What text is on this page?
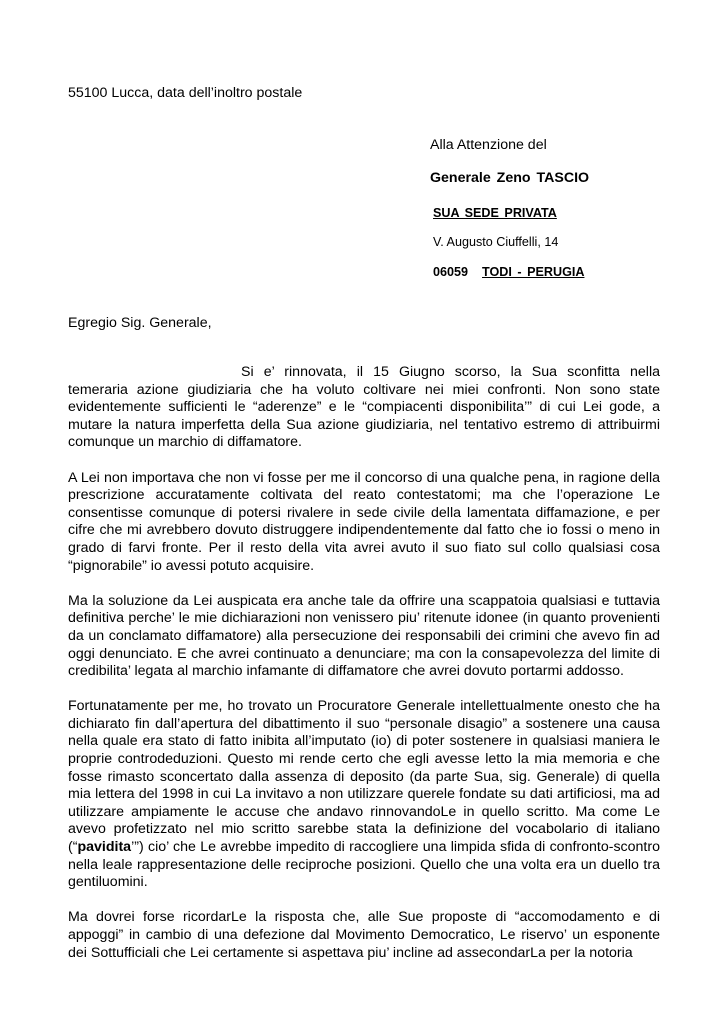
55100 Lucca, data dell’inoltro postale
Alla Attenzione del
Generale Zeno TASCIO
SUA SEDE PRIVATA
V. Augusto Ciuffelli, 14
06059 TODI - PERUGIA
Egregio Sig. Generale,

Si e’ rinnovata, il 15 Giugno scorso, la Sua sconfitta nella temeraria azione giudiziaria che ha voluto coltivare nei miei confronti. Non sono state evidentemente sufficienti le “aderenze” e le “compiacenti disponibilita’” di cui Lei gode, a mutare la natura imperfetta della Sua azione giudiziaria, nel tentativo estremo di attribuirmi comunque un marchio di diffamatore.

A Lei non importava che non vi fosse per me il concorso di una qualche pena, in ragione della prescrizione accuratamente coltivata del reato contestatomi; ma che l’operazione Le consentisse comunque di potersi rivalere in sede civile della lamentata diffamazione, e per cifre che mi avrebbero dovuto distruggere indipendentemente dal fatto che io fossi o meno in grado di farvi fronte. Per il resto della vita avrei avuto il suo fiato sul collo qualsiasi cosa “pignorabile” io avessi potuto acquisire.

Ma la soluzione da Lei auspicata era anche tale da offrire una scappatoia qualsiasi e tuttavia definitiva perche’ le mie dichiarazioni non venissero piu’ ritenute idonee (in quanto provenienti da un conclamato diffamatore) alla persecuzione dei responsabili dei crimini che avevo fin ad oggi denunciato. E che avrei continuato a denunciare; ma con la consapevolezza del limite di credibilita’ legata al marchio infamante di diffamatore che avrei dovuto portarmi addosso.

Fortunatamente per me, ho trovato un Procuratore Generale intellettualmente onesto che ha dichiarato fin dall’apertura del dibattimento il suo “personale disagio” a sostenere una causa nella quale era stato di fatto inibita all’imputato (io) di poter sostenere in qualsiasi maniera le proprie controdeduzioni. Questo mi rende certo che egli avesse letto la mia memoria e che fosse rimasto sconcertato dalla assenza di deposito (da parte Sua, sig. Generale) di quella mia lettera del 1998 in cui La invitavo a non utilizzare querele fondate su dati artificiosi, ma ad utilizzare ampiamente le accuse che andavo rinnovandoLe in quello scritto. Ma come Le avevo profetizzato nel mio scritto sarebbe stata la definizione del vocabolario di italiano (“pavidita’”) cio’ che Le avrebbe impedito di raccogliere una limpida sfida di confronto-scontro nella leale rappresentazione delle reciproche posizioni. Quello che una volta era un duello tra gentiluomini.

Ma dovrei forse ricordarLe la risposta che, alle Sue proposte di “accomodamento e di appoggi” in cambio di una defezione dal Movimento Democratico, Le riservo’ un esponente dei Sottufficiali che Lei certamente si aspettava piu’ incline ad assecondarLa per la notoria
